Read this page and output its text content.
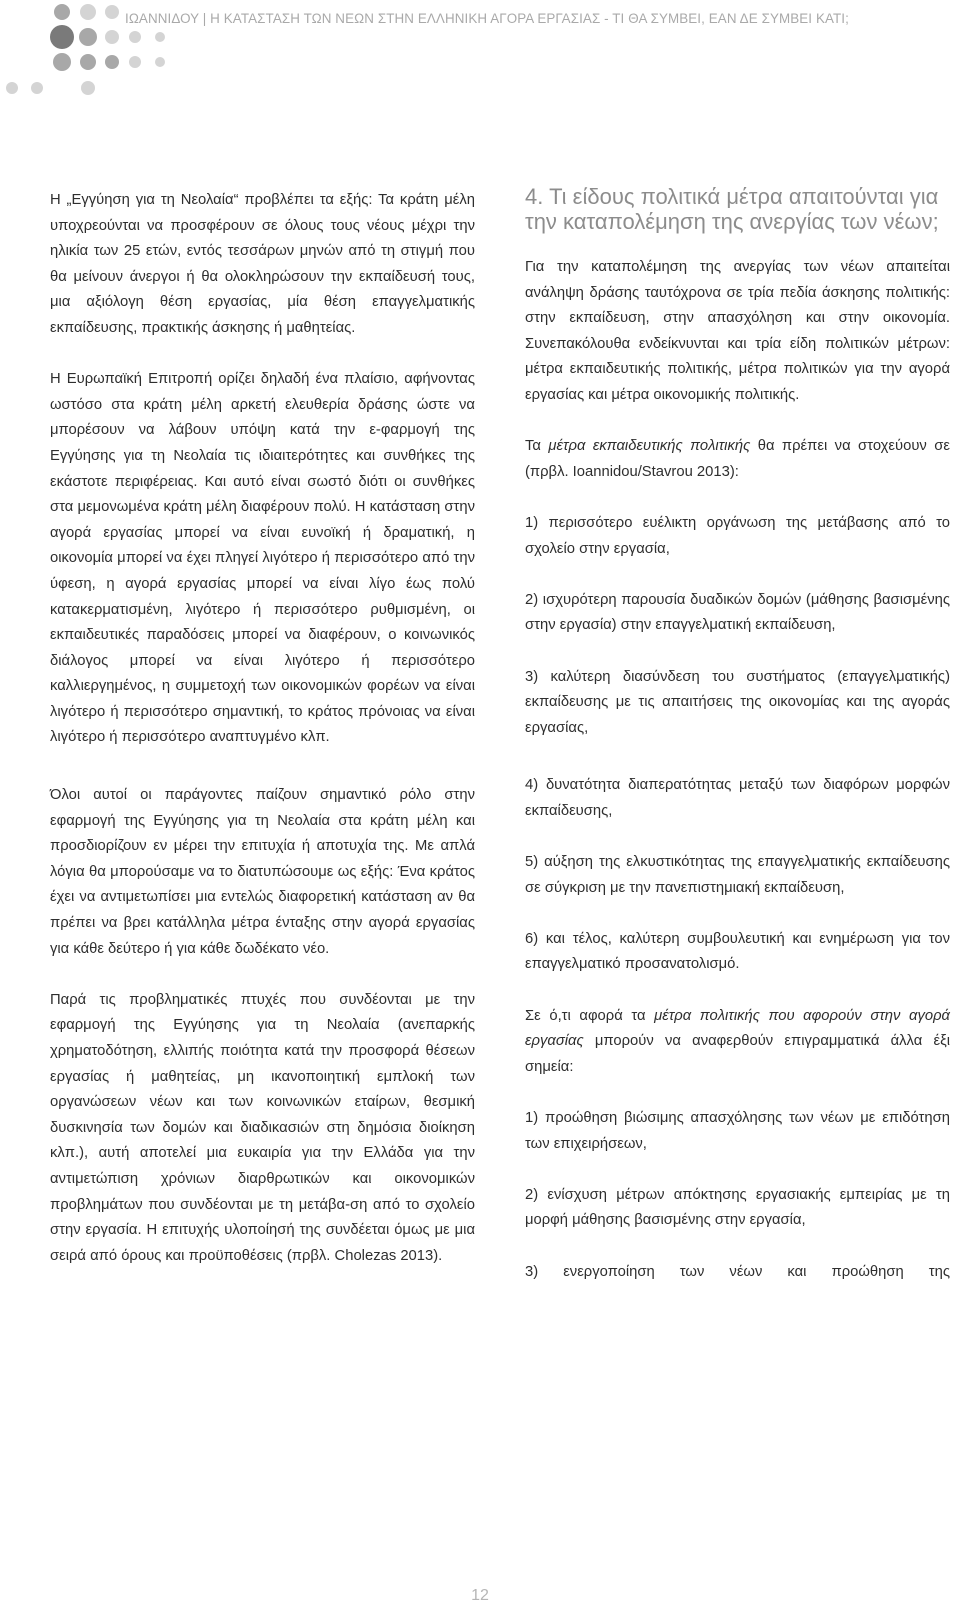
ΙΩΑΝΝΙΔΟΥ | Η ΚΑΤΑΣΤΑΣΗ ΤΩΝ ΝΕΩΝ ΣΤΗΝ ΕΛΛΗΝΙΚΗ ΑΓΟΡΑ ΕΡΓΑΣΙΑΣ - ΤΙ ΘΑ ΣΥΜΒΕΙ, ΕΑΝ ΔΕ ΣΥΜΒΕΙ ΚΑΤΙ;

Η „Εγγύηση για τη Νεολαία“ προβλέπει τα εξής: Τα κράτη μέλη υποχρεούνται να προσφέρουν σε όλους τους νέους μέχρι την ηλικία των 25 ετών, εντός τεσσάρων μηνών από τη στιγμή που θα μείνουν άνεργοι ή θα ολοκληρώσουν την εκπαίδευσή τους, μια αξιόλογη θέση εργασίας, μία θέση επαγγελματικής εκπαίδευσης, πρακτικής άσκησης ή μαθητείας.

Η Ευρωπαϊκή Επιτροπή ορίζει δηλαδή ένα πλαίσιο, αφήνοντας ωστόσο στα κράτη μέλη αρκετή ελευθερία δράσης ώστε να μπορέσουν να λάβουν υπόψη κατά την ε-φαρμογή της Εγγύησης για τη Νεολαία τις ιδιαιτερότητες και συνθήκες της εκάστοτε περιφέρειας. Και αυτό είναι σωστό διότι οι συνθήκες στα μεμονωμένα κράτη μέλη διαφέρουν πολύ. Η κατάσταση στην αγορά εργασίας μπορεί να είναι ευνοϊκή ή δραματική, η οικονομία μπορεί να έχει πληγεί λιγότερο ή περισσότερο από την ύφεση, η αγορά εργασίας μπορεί να είναι λίγο έως πολύ κατακερματισμένη, λιγότερο ή περισσότερο ρυθμισμένη, οι εκπαιδευτικές παραδόσεις μπορεί να διαφέρουν, ο κοινωνικός διάλογος μπορεί να είναι λιγότερο ή περισσότερο καλλιεργημένος, η συμμετοχή των οικονομικών φορέων να είναι λιγότερο ή περισσότερο σημαντική, το κράτος πρόνοιας να είναι λιγότερο ή περισσότερο αναπτυγμένο κλπ.

Όλοι αυτοί οι παράγοντες παίζουν σημαντικό ρόλο στην εφαρμογή της Εγγύησης για τη Νεολαία στα κράτη μέλη και προσδιορίζουν εν μέρει την επιτυχία ή αποτυχία της. Με απλά λόγια θα μπορούσαμε να το διατυπώσουμε ως εξής: Ένα κράτος έχει να αντιμετωπίσει μια εντελώς διαφορετική κατάσταση αν θα πρέπει να βρει κατάλληλα μέτρα ένταξης στην αγορά εργασίας για κάθε δεύτερο ή για κάθε δωδέκατο νέο.

Παρά τις προβληματικές πτυχές που συνδέονται με την εφαρμογή της Εγγύησης για τη Νεολαία (ανεπαρκής χρηματοδότηση, ελλιπής ποιότητα κατά την προσφορά θέσεων εργασίας ή μαθητείας, μη ικανοποιητική εμπλοκή των οργανώσεων νέων και των κοινωνικών εταίρων, θεσμική δυσκινησία των δομών και διαδικασιών στη δημόσια διοίκηση κλπ.), αυτή αποτελεί μια ευκαιρία για την Ελλάδα για την αντιμετώπιση χρόνιων διαρθρωτικών και οικονομικών προβλημάτων που συνδέονται με τη μετάβα-ση από το σχολείο στην εργασία. Η επιτυχής υλοποίησή της συνδέεται όμως με μια σειρά από όρους και προϋποθέσεις (πρβλ. Cholezas 2013).

4. Τι είδους πολιτικά μέτρα απαιτούνται για την καταπολέμηση της ανεργίας των νέων;

Για την καταπολέμηση της ανεργίας των νέων απαιτείται ανάληψη δράσης ταυτόχρονα σε τρία πεδία άσκησης πολιτικής: στην εκπαίδευση, στην απασχόληση και στην οικονομία. Συνεπακόλουθα ενδείκνυνται και τρία είδη πολιτικών μέτρων: μέτρα εκπαιδευτικής πολιτικής, μέτρα πολιτικών για την αγορά εργασίας και μέτρα οικονομικής πολιτικής.

Τα μέτρα εκπαιδευτικής πολιτικής θα πρέπει να στοχεύουν σε (πρβλ. Ioannidou/Stavrou 2013):

1) περισσότερο ευέλικτη οργάνωση της μετάβασης από το σχολείο στην εργασία,

2) ισχυρότερη παρουσία δυαδικών δομών (μάθησης βασισμένης στην εργασία) στην επαγγελματική εκπαίδευση,

3) καλύτερη διασύνδεση του συστήματος (επαγγελματικής) εκπαίδευσης με τις απαιτήσεις της οικονομίας και της αγοράς εργασίας,

4) δυνατότητα διαπερατότητας μεταξύ των διαφόρων μορφών εκπαίδευσης,

5) αύξηση της ελκυστικότητας της επαγγελματικής εκπαίδευσης σε σύγκριση με την πανεπιστημιακή εκπαίδευση,

6) και τέλος, καλύτερη συμβουλευτική και ενημέρωση για τον επαγγελματικό προσανατολισμό.

Σε ό,τι αφορά τα μέτρα πολιτικής που αφορούν στην αγορά εργασίας μπορούν να αναφερθούν επιγραμματικά άλλα έξι σημεία:

1) προώθηση βιώσιμης απασχόλησης των νέων με επιδότηση των επιχειρήσεων,

2) ενίσχυση μέτρων απόκτησης εργασιακής εμπειρίας με τη μορφή μάθησης βασισμένης στην εργασία,

3) ενεργοποίηση των νέων και προώθηση της

12
